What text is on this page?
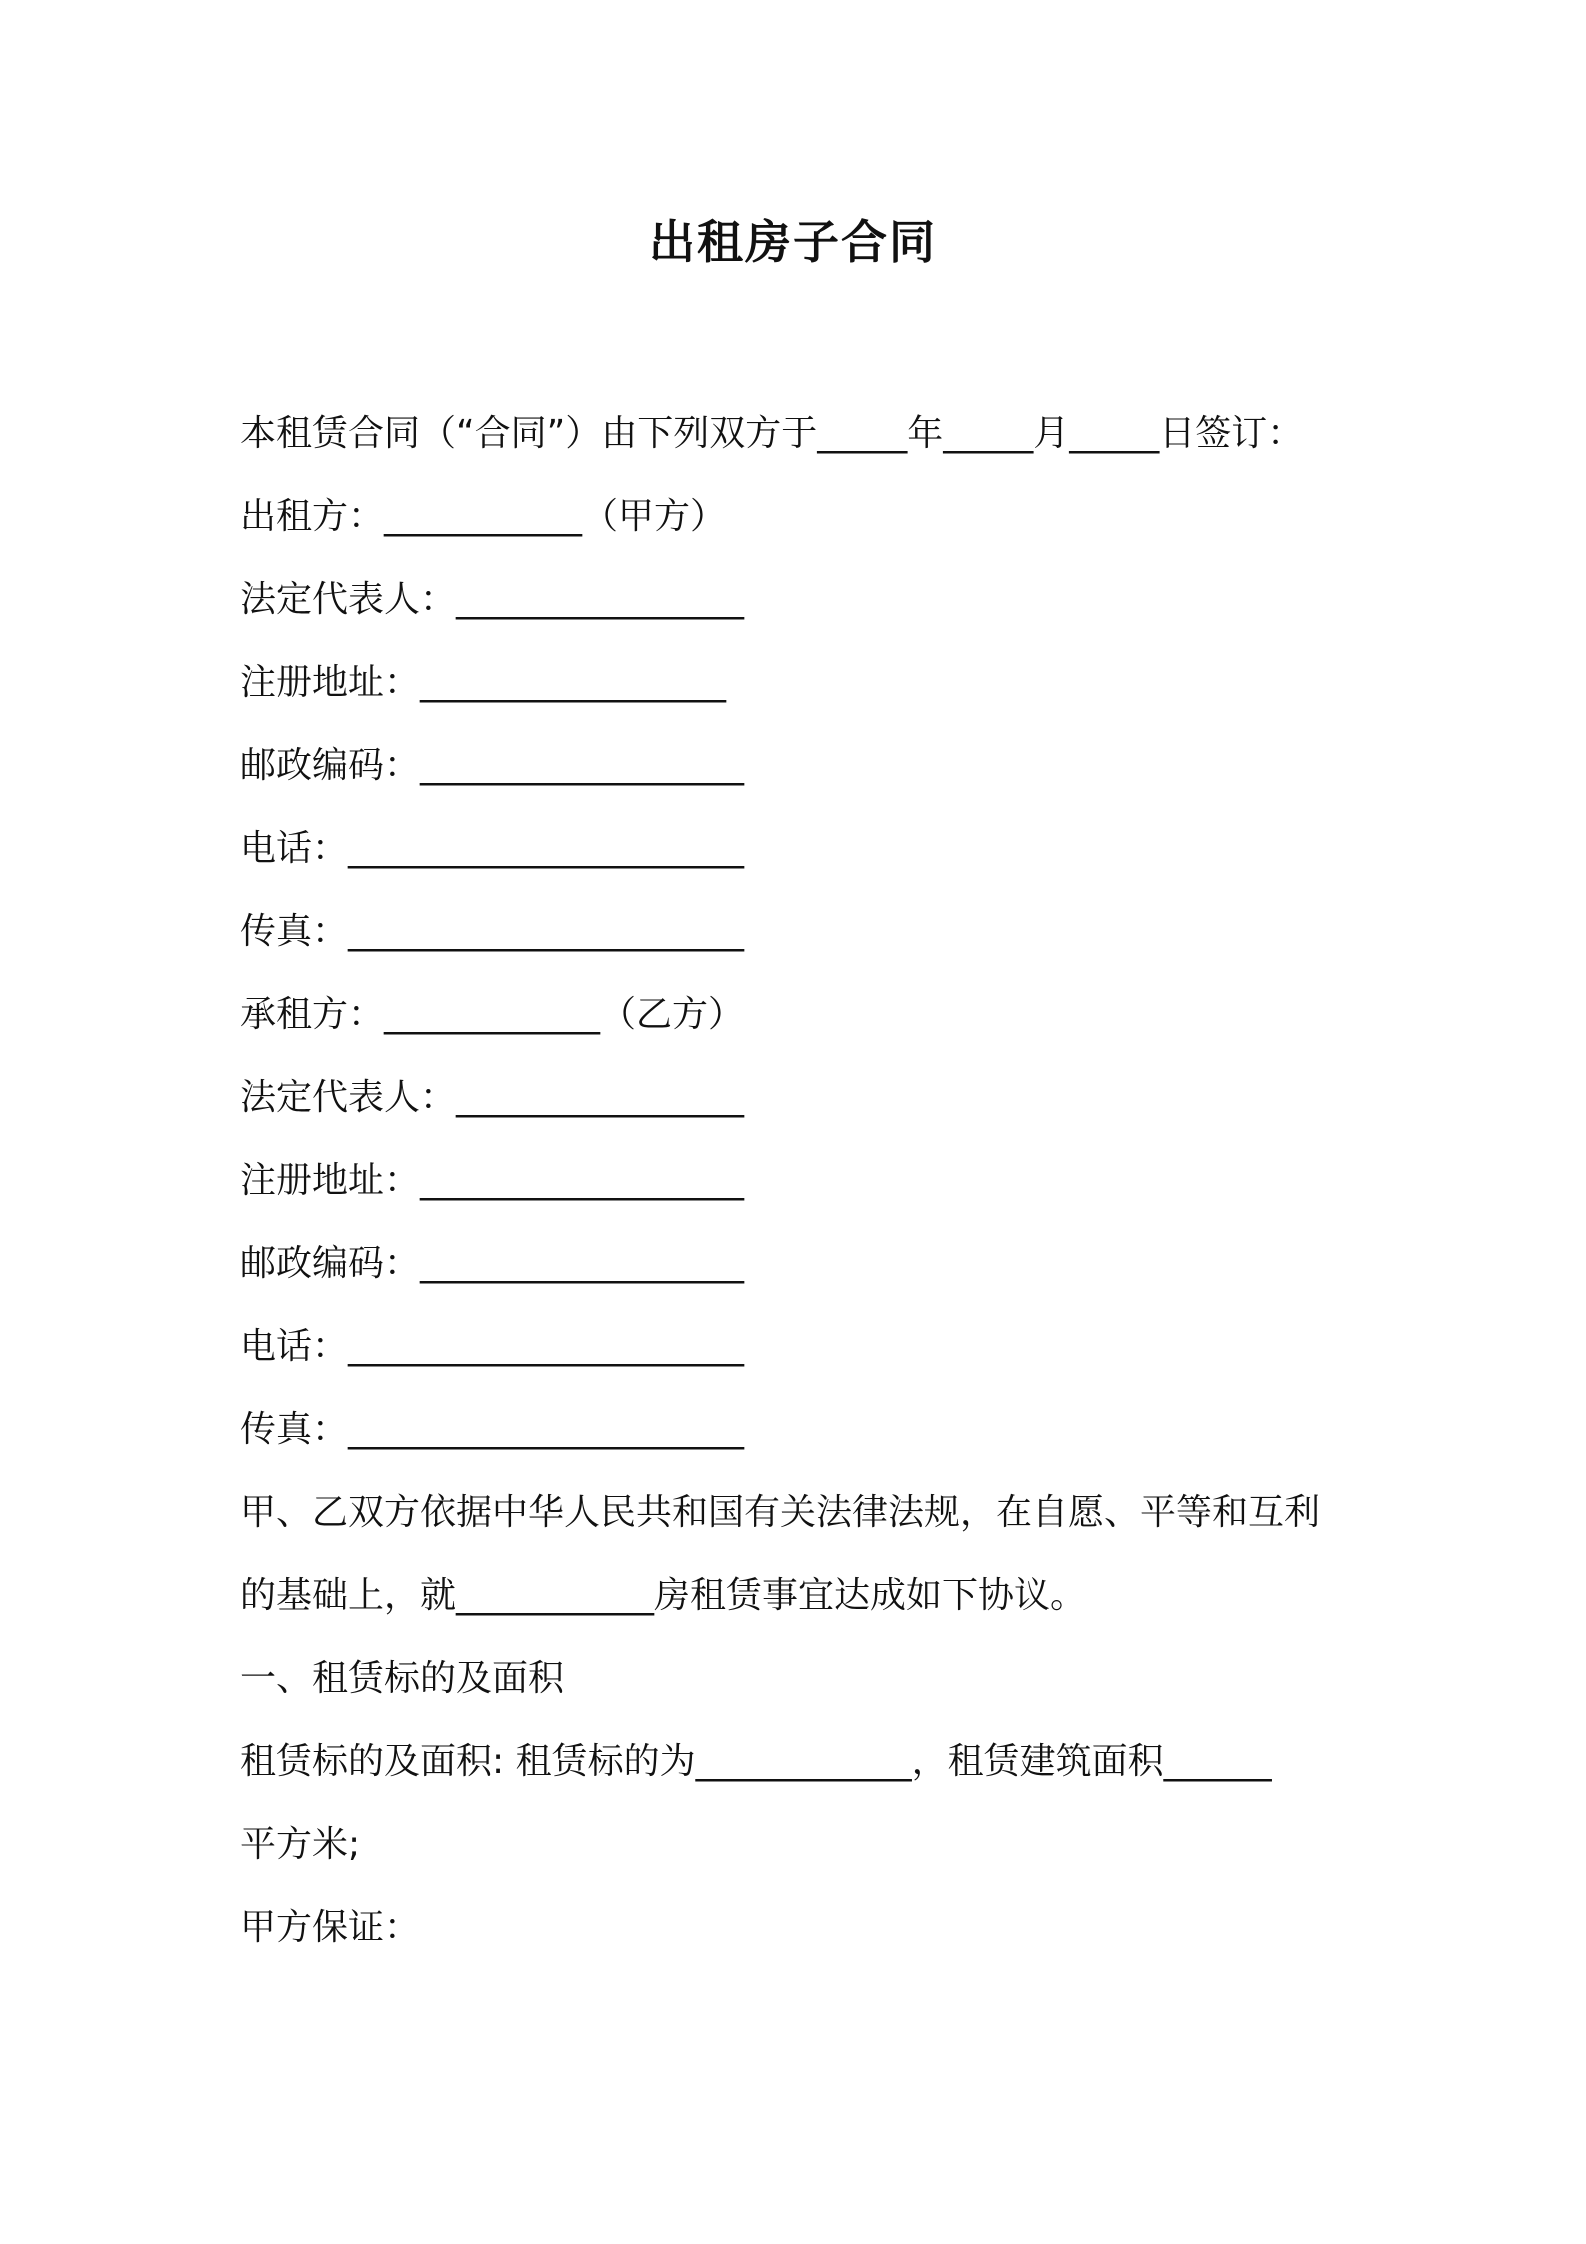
出租房子合同
本租赁合同（“合同”）由下列双方于_____年_____月_____日签订：
出租方：___________（甲方）
法定代表人：________________
注册地址：_________________
邮政编码：__________________
电话：______________________
传真：______________________
承租方：____________（乙方）
法定代表人：________________
注册地址：__________________
邮政编码：__________________
电话：______________________
传真：______________________
甲、乙双方依据中华人民共和国有关法律法规，在自愿、平等和互利
的基础上，就___________房租赁事宜达成如下协议。
一、租赁标的及面积
租赁标的及面积: 租赁标的为____________，租赁建筑面积______
平方米;
甲方保证：
